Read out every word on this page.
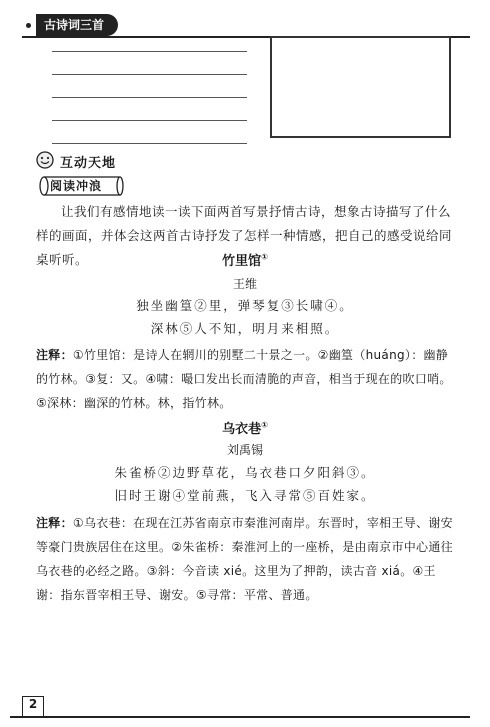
古诗词三首
互动天地
阅读冲浪
让我们有感情地读一读下面两首写景抒情古诗，想象古诗描写了什么样的画面，并体会这两首古诗抒发了怎样一种情感，把自己的感受说给同桌听听。	竹里馆①
王维
独坐幽篁②里，弹琴复③长啸④。
深林⑤人不知，明月来相照。
注释：①竹里馆：是诗人在辋川的别墅二十景之一。②幽篁（huáng）：幽静的竹林。③复：又。④啸：嘬口发出长而清脆的声音，相当于现在的吹口哨。⑤深林：幽深的竹林。林，指竹林。
乌衣巷①
刘禹锡
朱雀桥②边野草花，乌衣巷口夕阳斜③。
旧时王谢④堂前燕，飞入寻常⑤百姓家。
注释：①乌衣巷：在现在江苏省南京市秦淮河南岸。东晋时，宰相王导、谢安等豪门贵族居住在这里。②朱雀桥：秦淮河上的一座桥，是由南京市中心通往乌衣巷的必经之路。③斜：今音读 xié。这里为了押韵，读古音 xiá。④王谢：指东晋宰相王导、谢安。⑤寻常：平常、普通。
2
